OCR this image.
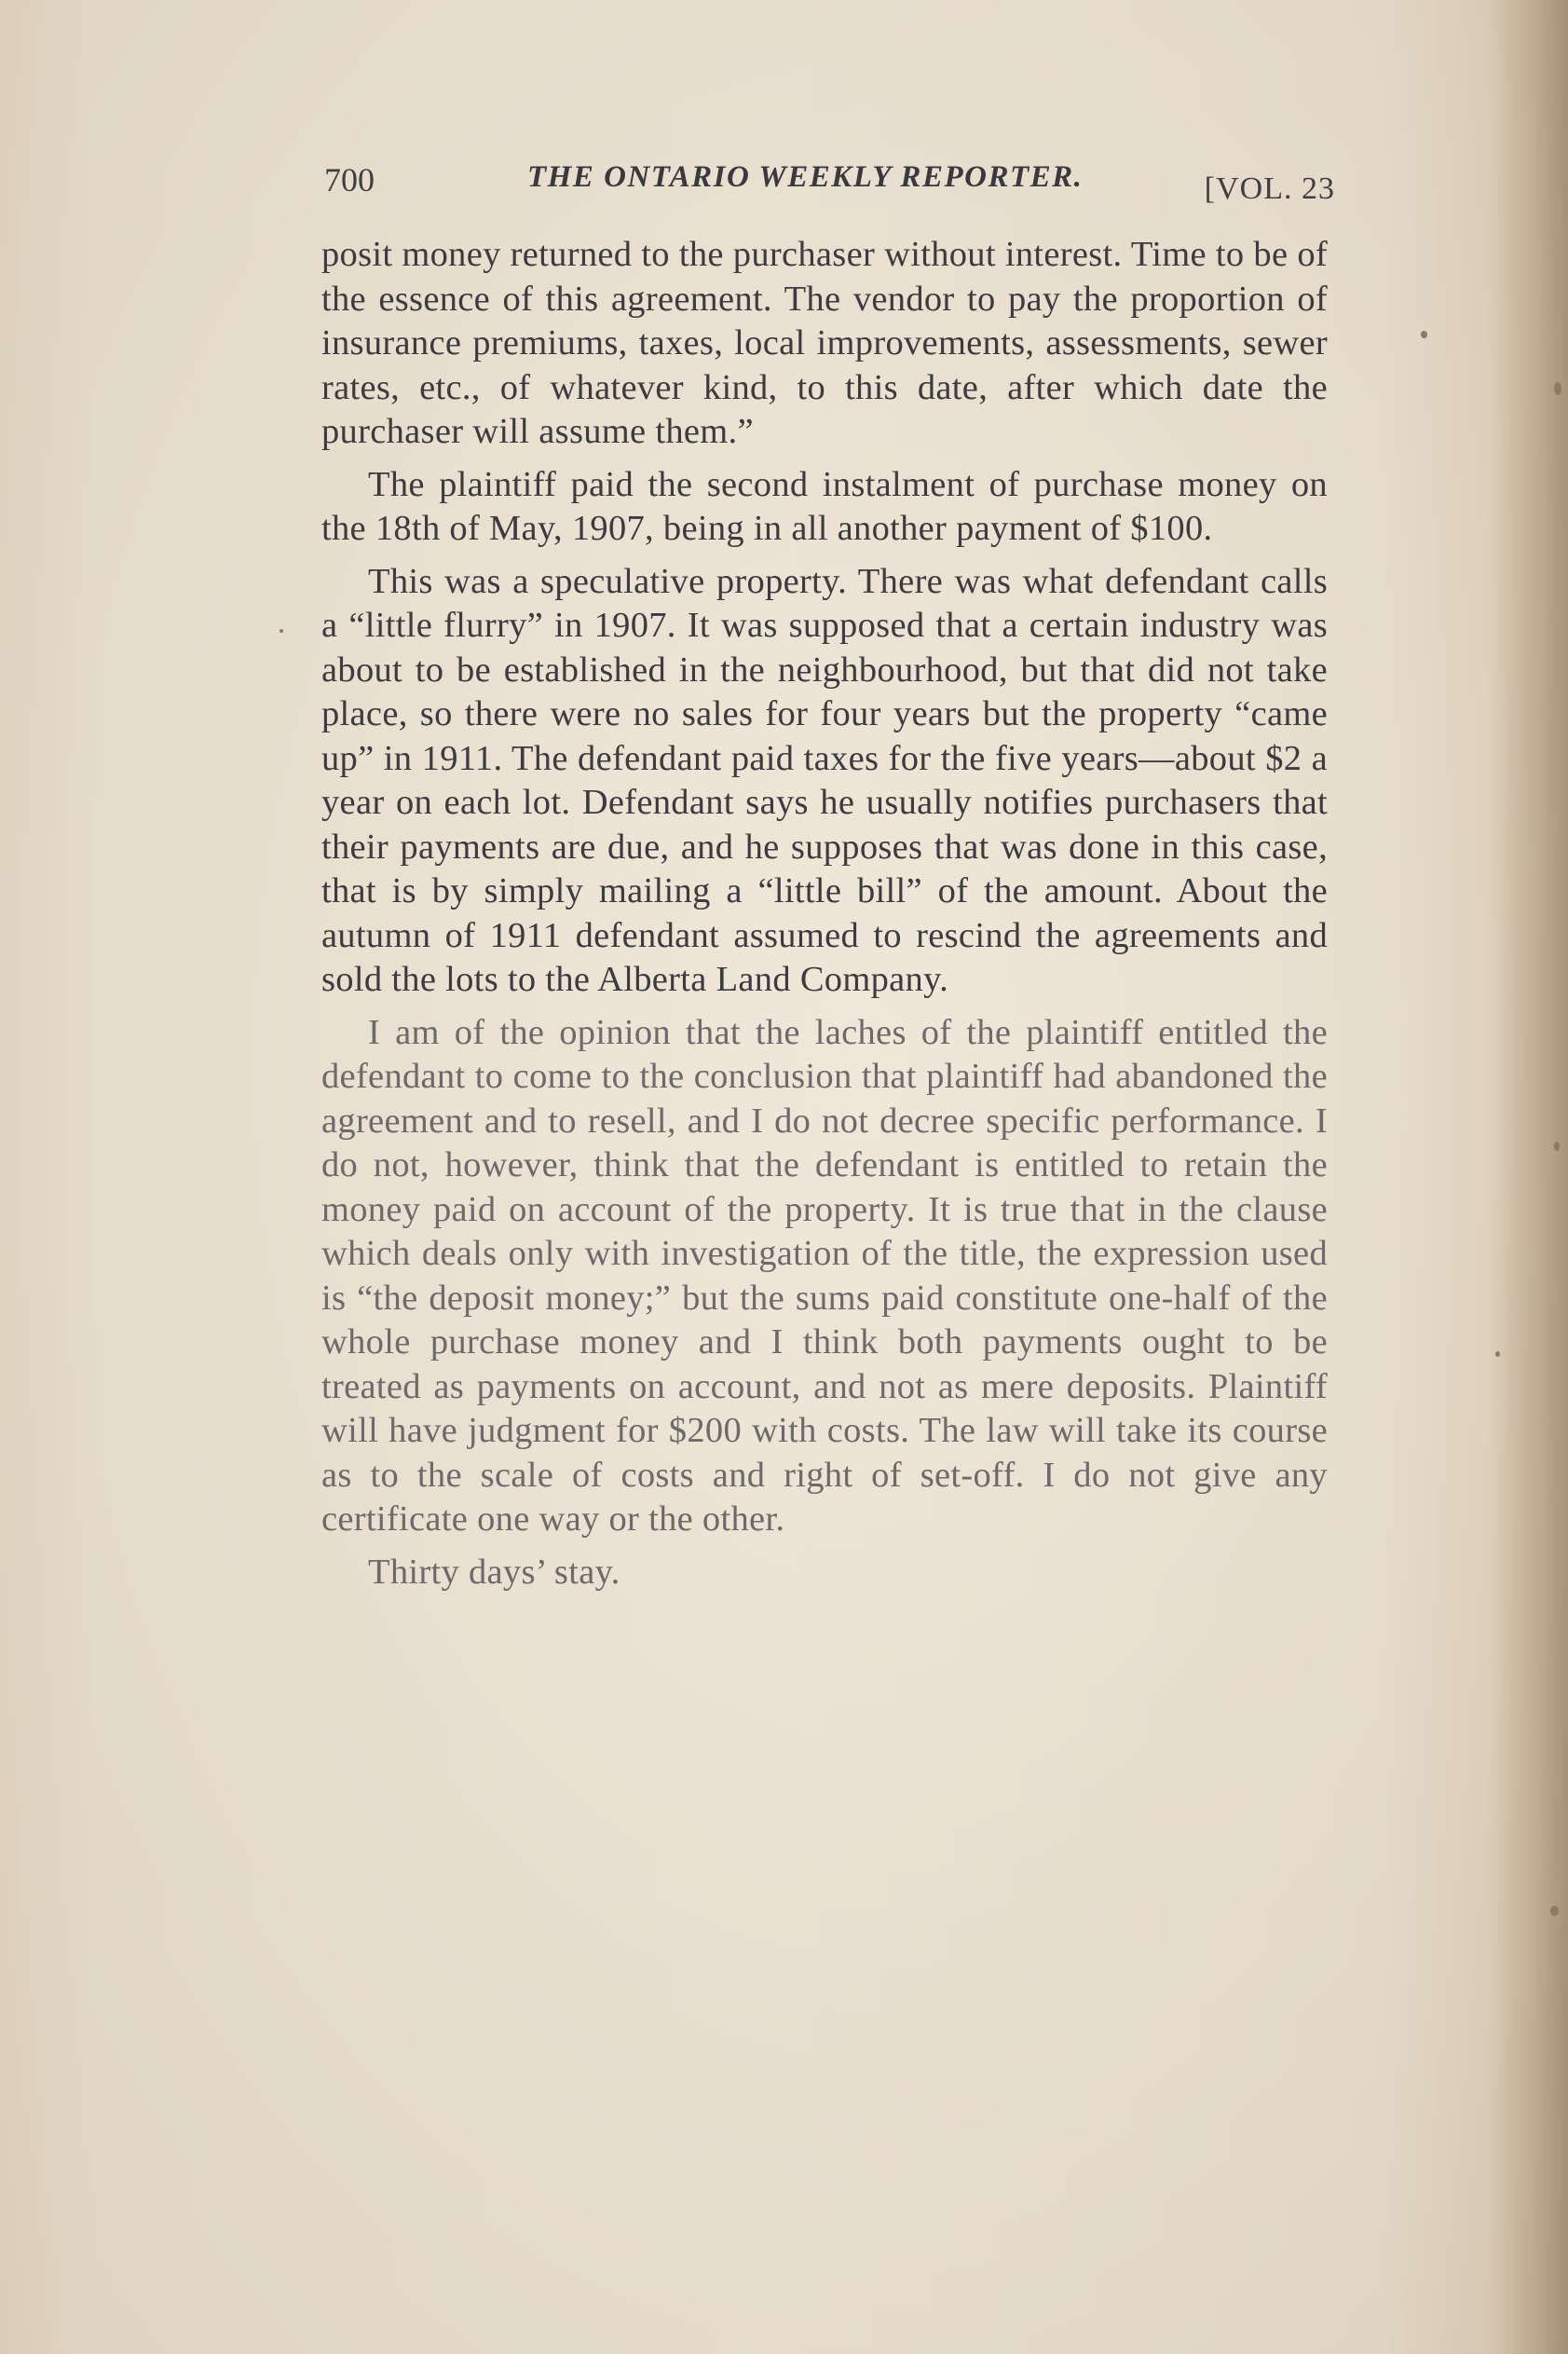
700	THE ONTARIO WEEKLY REPORTER.	[VOL. 23

posit money returned to the purchaser without interest. Time to be of the essence of this agreement. The vendor to pay the proportion of insurance premiums, taxes, local improvements, assessments, sewer rates, etc., of whatever kind, to this date, after which date the purchaser will assume them.”

The plaintiff paid the second instalment of purchase money on the 18th of May, 1907, being in all another payment of $100.

This was a speculative property. There was what defendant calls a “little flurry” in 1907. It was supposed that a certain industry was about to be established in the neighbourhood, but that did not take place, so there were no sales for four years but the property “came up” in 1911. The defendant paid taxes for the five years—about $2 a year on each lot. Defendant says he usually notifies purchasers that their payments are due, and he supposes that was done in this case, that is by simply mailing a “little bill” of the amount. About the autumn of 1911 defendant assumed to rescind the agreements and sold the lots to the Alberta Land Company.

I am of the opinion that the laches of the plaintiff entitled the defendant to come to the conclusion that plaintiff had abandoned the agreement and to resell, and I do not decree specific performance. I do not, however, think that the defendant is entitled to retain the money paid on account of the property. It is true that in the clause which deals only with investigation of the title, the expression used is “the deposit money;” but the sums paid constitute one-half of the whole purchase money and I think both payments ought to be treated as payments on account, and not as mere deposits. Plaintiff will have judgment for $200 with costs. The law will take its course as to the scale of costs and right of set-off. I do not give any certificate one way or the other.

Thirty days’ stay.
